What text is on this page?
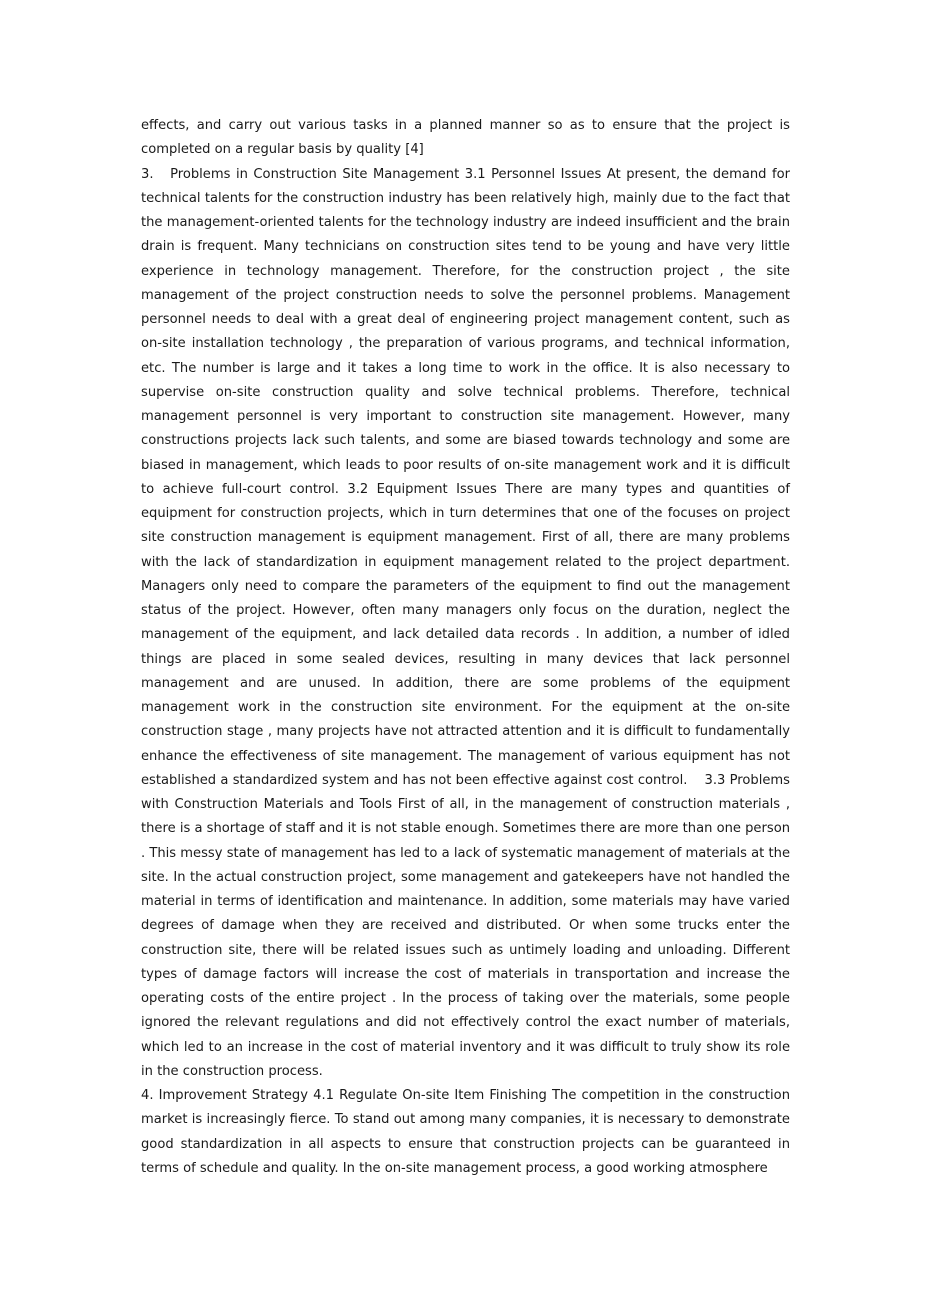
effects, and carry out various tasks in a planned manner so as to ensure that the project is completed on a regular basis by quality [4]

3.   Problems in Construction Site Management 3.1 Personnel Issues At present, the demand for technical talents for the construction industry has been relatively high, mainly due to the fact that the management-oriented talents for the technology industry are indeed insufficient and the brain drain is frequent. Many technicians on construction sites tend to be young and have very little experience in technology management. Therefore, for the construction project , the site management of the project construction needs to solve the personnel problems. Management personnel needs to deal with a great deal of engineering project management content, such as on-site installation technology , the preparation of various programs, and technical information, etc. The number is large and it takes a long time to work in the office. It is also necessary to supervise on-site construction quality and solve technical problems. Therefore, technical management personnel is very important to construction site management. However, many constructions projects lack such talents, and some are biased towards technology and some are biased in management, which leads to poor results of on-site management work and it is difficult to achieve full-court control. 3.2 Equipment Issues There are many types and quantities of equipment for construction projects, which in turn determines that one of the focuses on project site construction management is equipment management. First of all, there are many problems with the lack of standardization in equipment management related to the project department. Managers only need to compare the parameters of the equipment to find out the management status of the project. However, often many managers only focus on the duration, neglect the management of the equipment, and lack detailed data records . In addition, a number of idled things are placed in some sealed devices, resulting in many devices that lack personnel management and are unused. In addition, there are some problems of the equipment management work in the construction site environment. For the equipment at the on-site construction stage , many projects have not attracted attention and it is difficult to fundamentally enhance the effectiveness of site management. The management of various equipment has not established a standardized system and has not been effective against cost control.    3.3 Problems with Construction Materials and Tools First of all, in the management of construction materials , there is a shortage of staff and it is not stable enough. Sometimes there are more than one person . This messy state of management has led to a lack of systematic management of materials at the site. In the actual construction project, some management and gatekeepers have not handled the material in terms of identification and maintenance. In addition, some materials may have varied degrees of damage when they are received and distributed. Or when some trucks enter the construction site, there will be related issues such as untimely loading and unloading. Different types of damage factors will increase the cost of materials in transportation and increase the operating costs of the entire project . In the process of taking over the materials, some people ignored the relevant regulations and did not effectively control the exact number of materials, which led to an increase in the cost of material inventory and it was difficult to truly show its role in the construction process.

4. Improvement Strategy 4.1 Regulate On-site Item Finishing The competition in the construction market is increasingly fierce. To stand out among many companies, it is necessary to demonstrate good standardization in all aspects to ensure that construction projects can be guaranteed in terms of schedule and quality. In the on-site management process, a good working atmosphere
